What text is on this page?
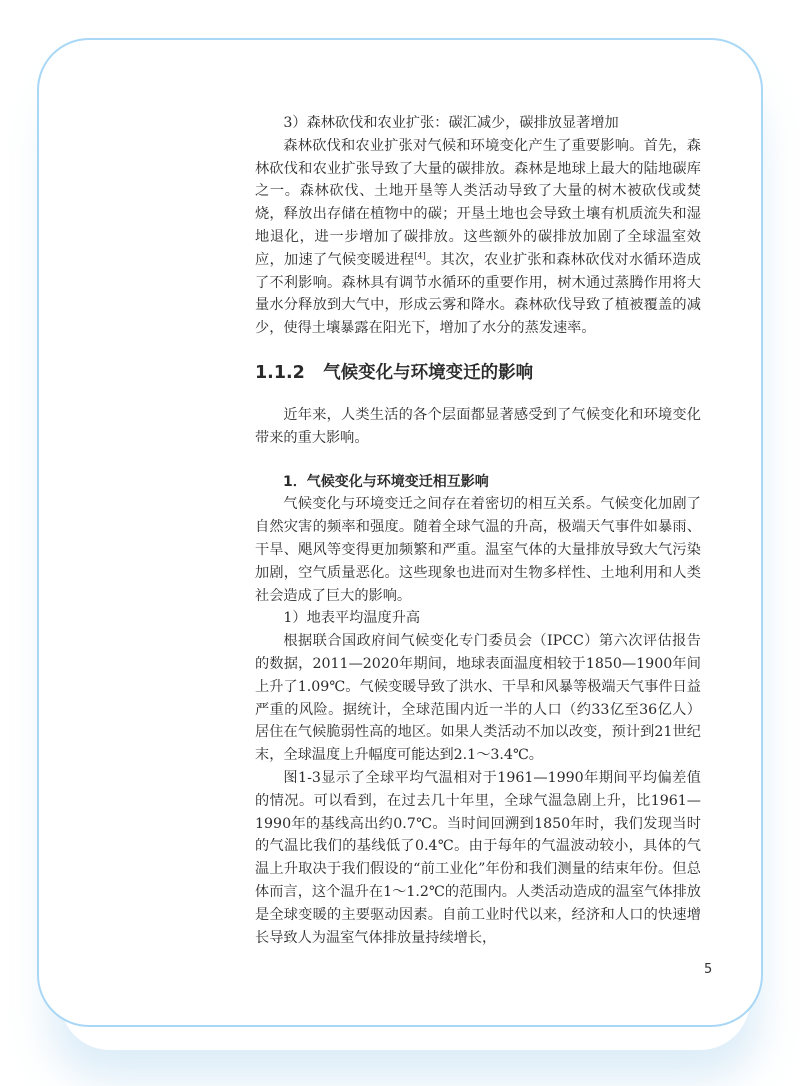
3）森林砍伐和农业扩张：碳汇减少，碳排放显著增加

森林砍伐和农业扩张对气候和环境变化产生了重要影响。首先，森林砍伐和农业扩张导致了大量的碳排放。森林是地球上最大的陆地碳库之一。森林砍伐、土地开垦等人类活动导致了大量的树木被砍伐或焚烧，释放出存储在植物中的碳；开垦土地也会导致土壤有机质流失和湿地退化，进一步增加了碳排放。这些额外的碳排放加剧了全球温室效应，加速了气候变暖进程[4]。其次，农业扩张和森林砍伐对水循环造成了不利影响。森林具有调节水循环的重要作用，树木通过蒸腾作用将大量水分释放到大气中，形成云雾和降水。森林砍伐导致了植被覆盖的减少，使得土壤暴露在阳光下，增加了水分的蒸发速率。

1.1.2 气候变化与环境变迁的影响

近年来，人类生活的各个层面都显著感受到了气候变化和环境变化带来的重大影响。

1．气候变化与环境变迁相互影响

气候变化与环境变迁之间存在着密切的相互关系。气候变化加剧了自然灾害的频率和强度。随着全球气温的升高，极端天气事件如暴雨、干旱、飓风等变得更加频繁和严重。温室气体的大量排放导致大气污染加剧，空气质量恶化。这些现象也进而对生物多样性、土地利用和人类社会造成了巨大的影响。

1）地表平均温度升高

根据联合国政府间气候变化专门委员会（IPCC）第六次评估报告的数据，2011—2020年期间，地球表面温度相较于1850—1900年间上升了1.09℃。气候变暖导致了洪水、干旱和风暴等极端天气事件日益严重的风险。据统计，全球范围内近一半的人口（约33亿至36亿人）居住在气候脆弱性高的地区。如果人类活动不加以改变，预计到21世纪末，全球温度上升幅度可能达到2.1～3.4℃。

图1-3显示了全球平均气温相对于1961—1990年期间平均偏差值的情况。可以看到，在过去几十年里，全球气温急剧上升，比1961—1990年的基线高出约0.7℃。当时间回溯到1850年时，我们发现当时的气温比我们的基线低了0.4℃。由于每年的气温波动较小，具体的气温上升取决于我们假设的“前工业化”年份和我们测量的结束年份。但总体而言，这个温升在1～1.2℃的范围内。人类活动造成的温室气体排放是全球变暖的主要驱动因素。自前工业时代以来，经济和人口的快速增长导致人为温室气体排放量持续增长，

5
